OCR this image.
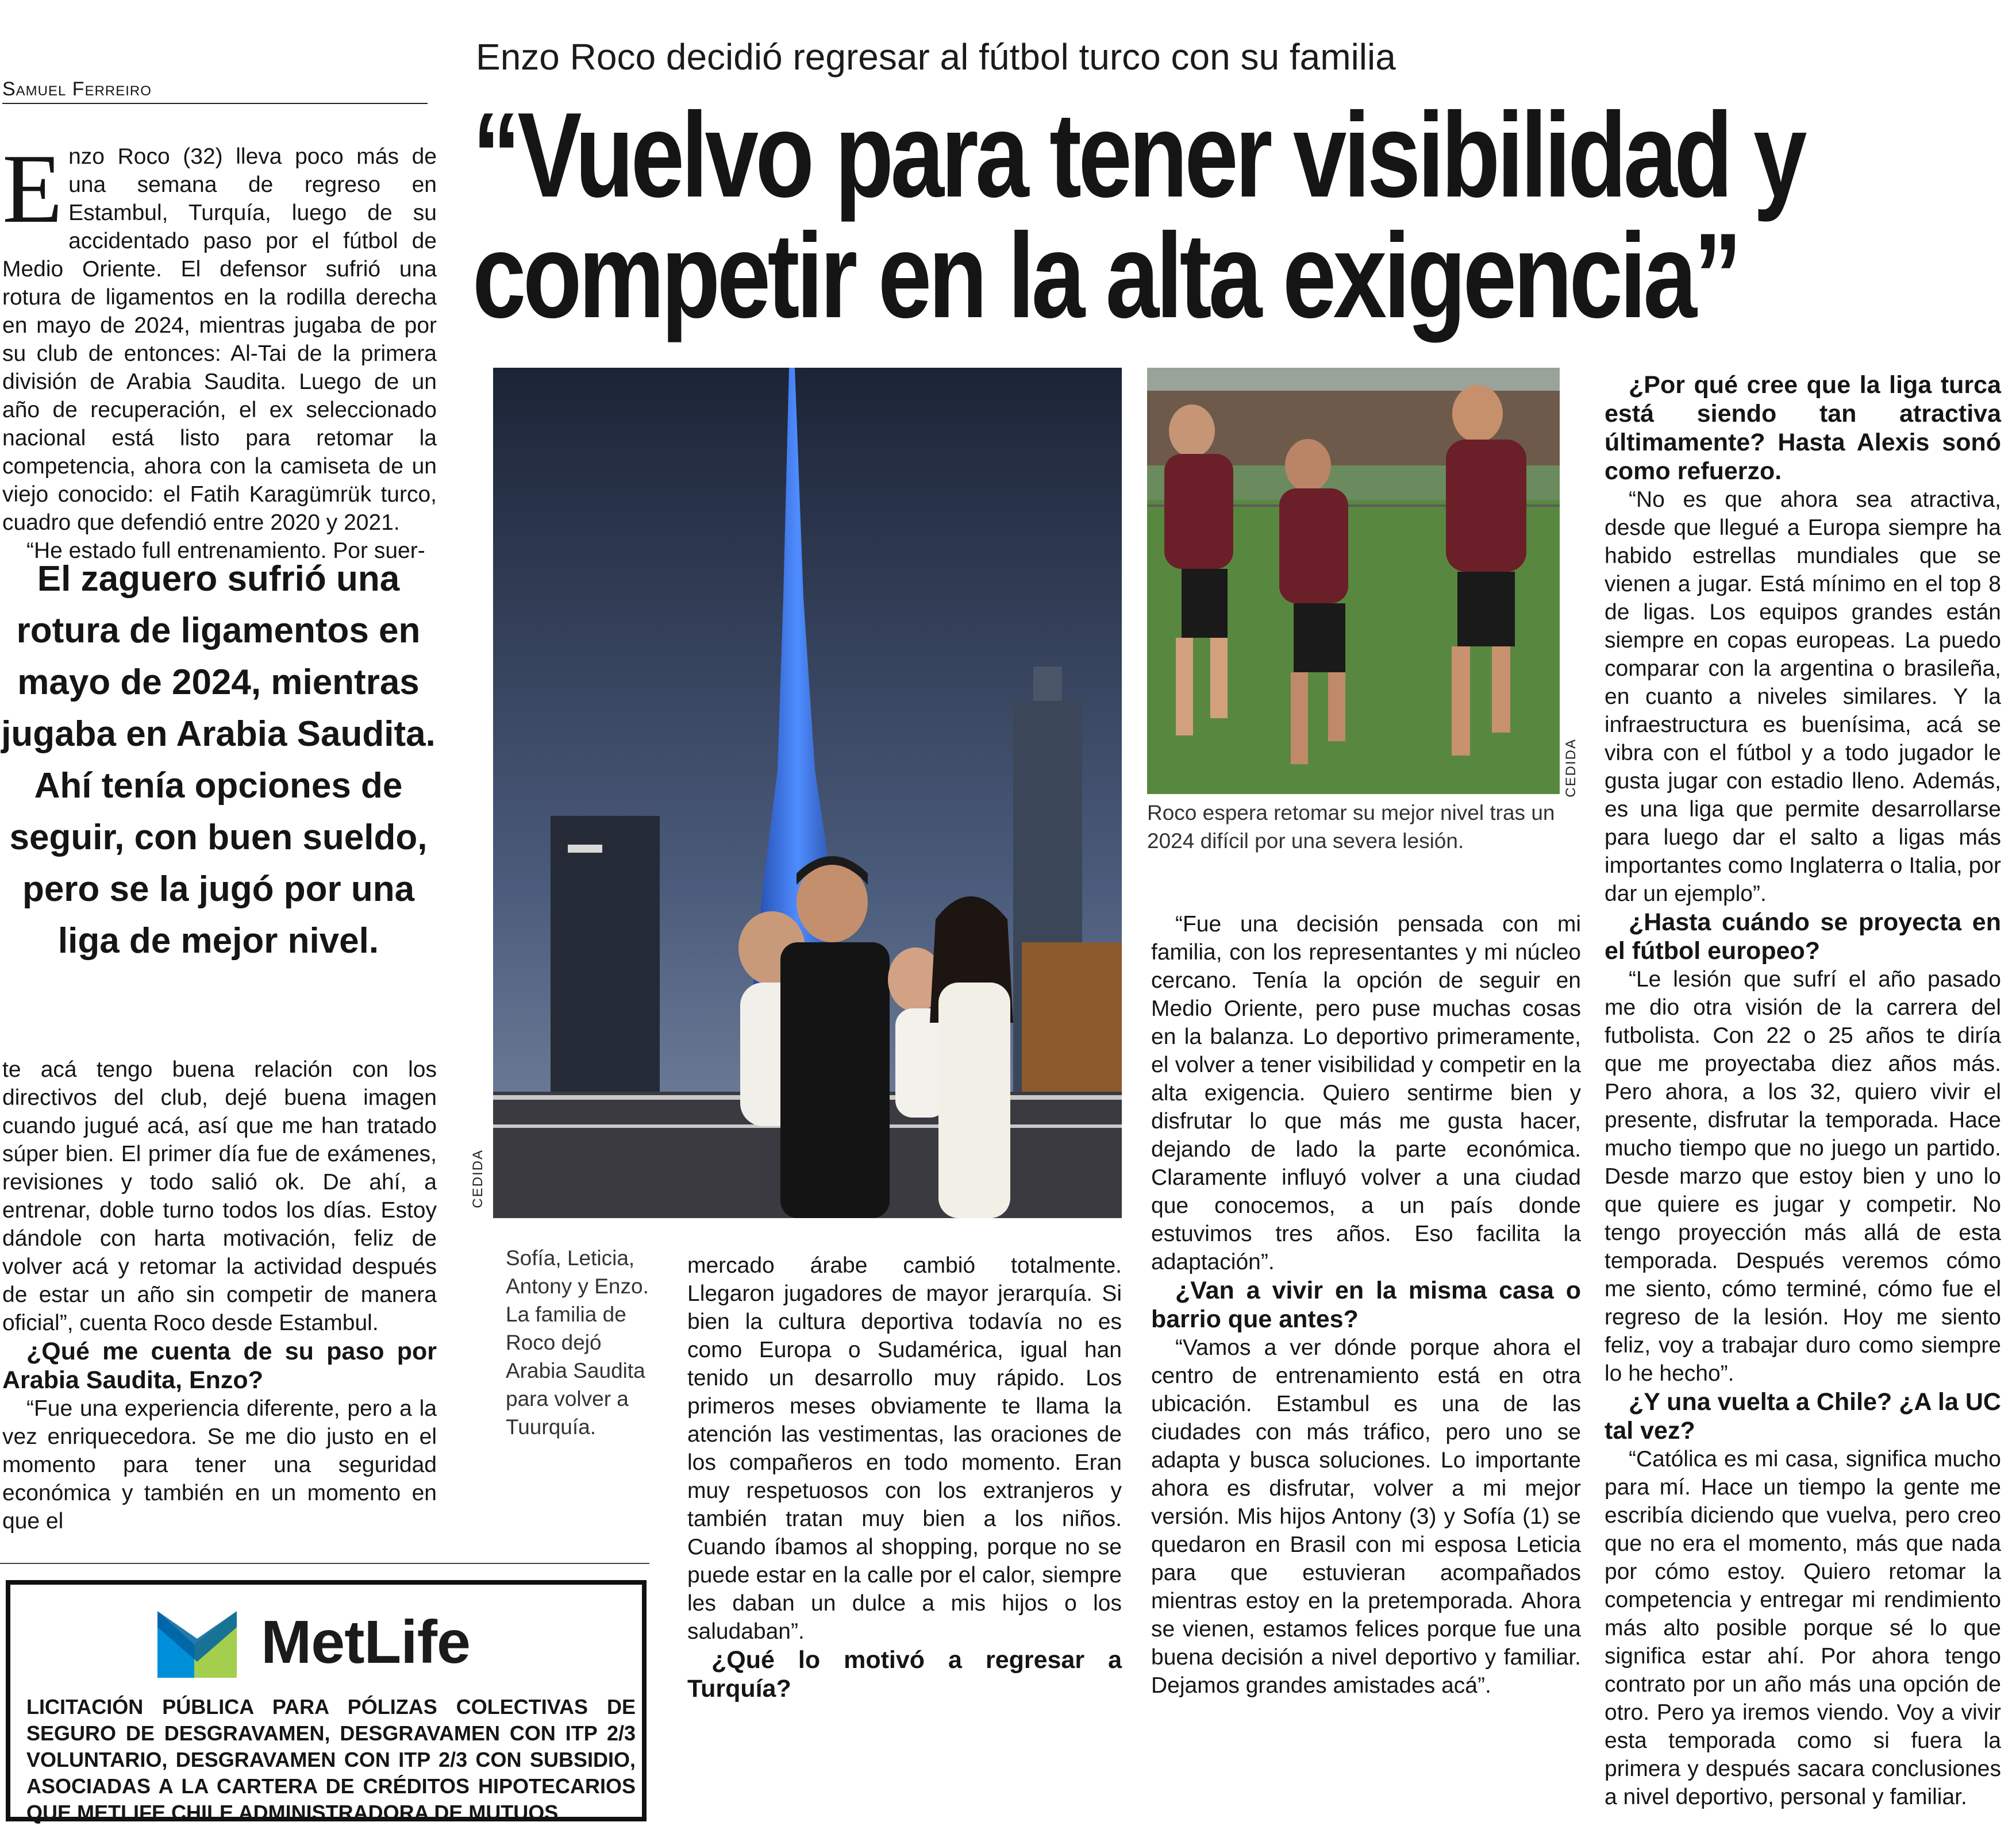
Samuel Ferreiro
Enzo Roco decidió regresar al fútbol turco con su familia
“Vuelvo para tener visibilidad y
competir en la alta exigencia”
E nzo Roco (32) lleva poco más de una semana de regreso en Estambul, Turquía, luego de su accidentado paso por el fútbol de Medio Oriente. El defensor sufrió una rotura de ligamentos en la rodilla derecha en mayo de 2024, mientras jugaba de por su club de entonces: Al-Tai de la primera división de Arabia Saudita. Luego de un año de recuperación, el ex seleccionado nacional está listo para retomar la competencia, ahora con la camiseta de un viejo conocido: el Fatih Karagümrük turco, cuadro que defendió entre 2020 y 2021.

“He estado full entrenamiento. Por suer-

El zaguero sufrió una rotura de ligamentos en mayo de 2024, mientras jugaba en Arabia Saudita. Ahí tenía opciones de seguir, con buen sueldo, pero se la jugó por una liga de mejor nivel.

te acá tengo buena relación con los directivos del club, dejé buena imagen cuando jugué acá, así que me han tratado súper bien. El primer día fue de exámenes, revisiones y todo salió ok. De ahí, a entrenar, doble turno todos los días. Estoy dándole con harta motivación, feliz de volver acá y retomar la actividad después de estar un año sin competir de manera oficial”, cuenta Roco desde Estambul.

¿Qué me cuenta de su paso por Arabia Saudita, Enzo?

“Fue una experiencia diferente, pero a la vez enriquecedora. Se me dio justo en el momento para tener una seguridad económica y también en un momento en que el

CEDIDA
Sofía, Leticia, Antony y Enzo. La familia de Roco dejó Arabia Saudita para volver a Tuurquía.

mercado árabe cambió totalmente. Llegaron jugadores de mayor jerarquía. Si bien la cultura deportiva todavía no es como Europa o Sudamérica, igual han tenido un desarrollo muy rápido. Los primeros meses obviamente te llama la atención las vestimentas, las oraciones de los compañeros en todo momento. Eran muy respetuosos con los extranjeros y también tratan muy bien a los niños. Cuando íbamos al shopping, porque no se puede estar en la calle por el calor, siempre les daban un dulce a mis hijos o los saludaban”.

¿Qué lo motivó a regresar a Turquía?

CEDIDA
Roco espera retomar su mejor nivel tras un 2024 difícil por una severa lesión.

“Fue una decisión pensada con mi familia, con los representantes y mi núcleo cercano. Tenía la opción de seguir en Medio Oriente, pero puse muchas cosas en la balanza. Lo deportivo primeramente, el volver a tener visibilidad y competir en la alta exigencia. Quiero sentirme bien y disfrutar lo que más me gusta hacer, dejando de lado la parte económica. Claramente influyó volver a una ciudad que conocemos, a un país donde estuvimos tres años. Eso facilita la adaptación”.

¿Van a vivir en la misma casa o barrio que antes?

“Vamos a ver dónde porque ahora el centro de entrenamiento está en otra ubicación. Estambul es una de las ciudades con más tráfico, pero uno se adapta y busca soluciones. Lo importante ahora es disfrutar, volver a mi mejor versión. Mis hijos Antony (3) y Sofía (1) se quedaron en Brasil con mi esposa Leticia para que estuvieran acompañados mientras estoy en la pretemporada. Ahora se vienen, estamos felices porque fue una buena decisión a nivel deportivo y familiar. Dejamos grandes amistades acá”.

¿Por qué cree que la liga turca está siendo tan atractiva últimamente? Hasta Alexis sonó como refuerzo.

“No es que ahora sea atractiva, desde que llegué a Europa siempre ha habido estrellas mundiales que se vienen a jugar. Está mínimo en el top 8 de ligas. Los equipos grandes están siempre en copas europeas. La puedo comparar con la argentina o brasileña, en cuanto a niveles similares. Y la infraestructura es buenísima, acá se vibra con el fútbol y a todo jugador le gusta jugar con estadio lleno. Además, es una liga que permite desarrollarse para luego dar el salto a ligas más importantes como Inglaterra o Italia, por dar un ejemplo”.

¿Hasta cuándo se proyecta en el fútbol europeo?

“Le lesión que sufrí el año pasado me dio otra visión de la carrera del futbolista. Con 22 o 25 años te diría que me proyectaba diez años más. Pero ahora, a los 32, quiero vivir el presente, disfrutar la temporada. Hace mucho tiempo que no juego un partido. Desde marzo que estoy bien y uno lo que quiere es jugar y competir. No tengo proyección más allá de esta temporada. Después veremos cómo me siento, cómo terminé, cómo fue el regreso de la lesión. Hoy me siento feliz, voy a trabajar duro como siempre lo he hecho”.

¿Y una vuelta a Chile? ¿A la UC tal vez?

“Católica es mi casa, significa mucho para mí. Hace un tiempo la gente me escribía diciendo que vuelva, pero creo que no era el momento, más que nada por cómo estoy. Quiero retomar la competencia y entregar mi rendimiento más alto posible porque sé lo que significa estar ahí. Por ahora tengo contrato por un año más una opción de otro. Pero ya iremos viendo. Voy a vivir esta temporada como si fuera la primera y después sacara conclusiones a nivel deportivo, personal y familiar.

MetLife
LICITACIÓN PÚBLICA PARA PÓLIZAS COLECTIVAS DE SEGURO DE DESGRAVAMEN, DESGRAVAMEN CON ITP 2/3 VOLUNTARIO, DESGRAVAMEN CON ITP 2/3 CON SUBSIDIO, ASOCIADAS A LA CARTERA DE CRÉDITOS HIPOTECARIOS QUE METLIFE CHILE ADMINISTRADORA DE MUTUOS
